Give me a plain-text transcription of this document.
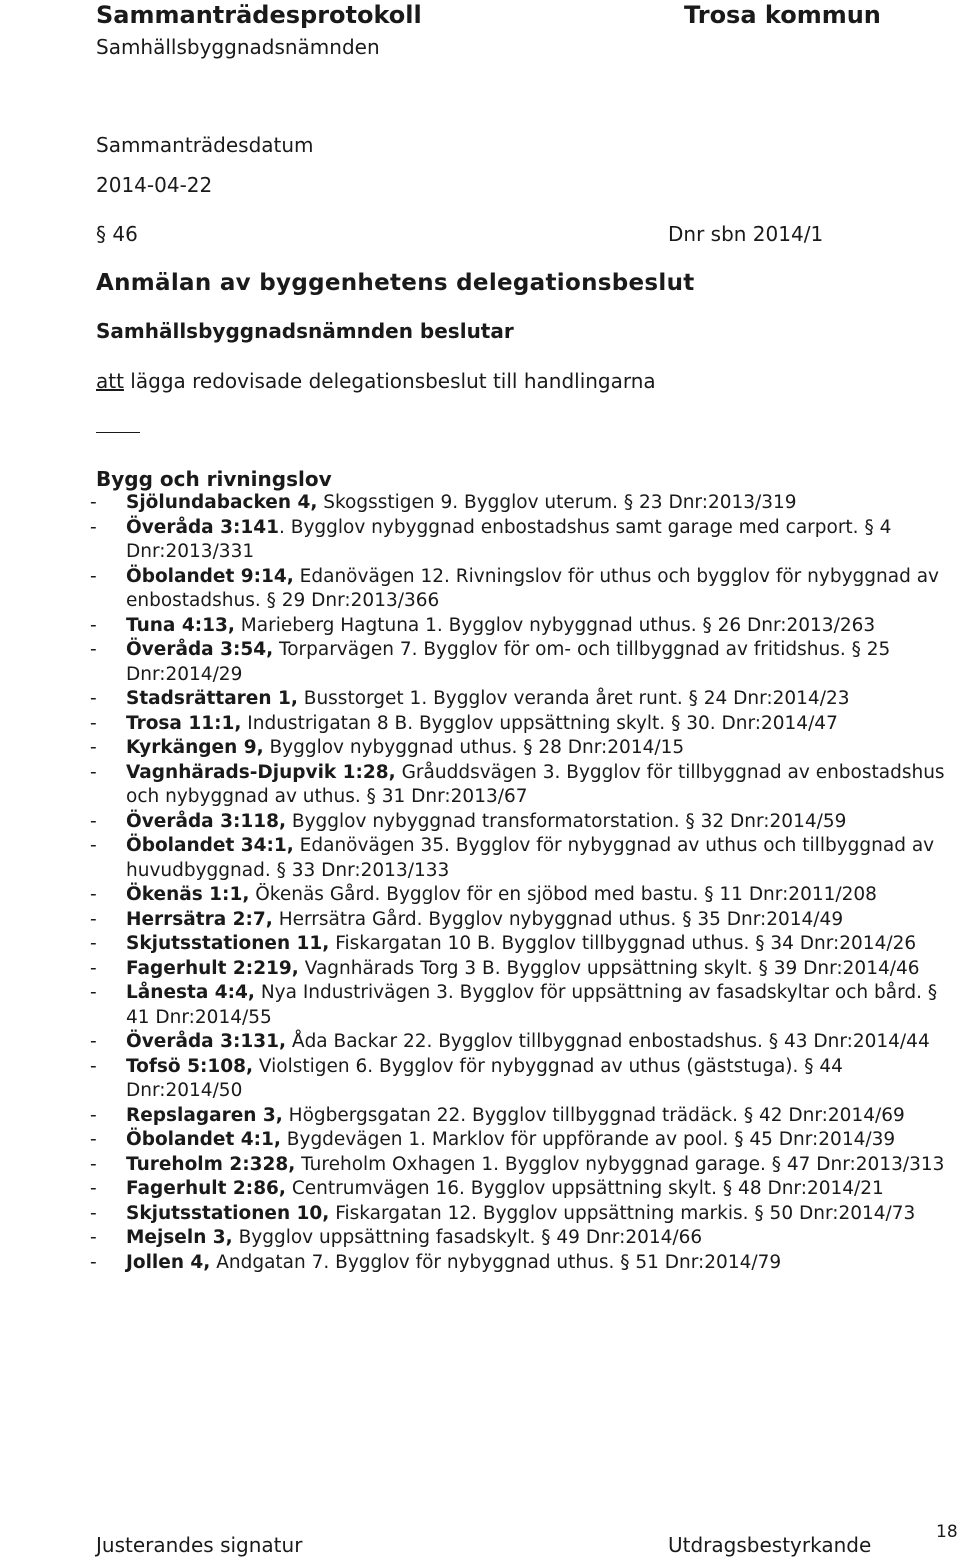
Sammanträdesprotokoll	Trosa kommun
Samhällsbyggnadsnämnden
Sammanträdesdatum
2014-04-22
§ 46	Dnr sbn 2014/1
Anmälan av byggenhetens delegationsbeslut
Samhällsbyggnadsnämnden beslutar
att lägga redovisade delegationsbeslut till handlingarna
Bygg och rivningslov
- Sjölundabacken 4, Skogsstigen 9. Bygglov uterum. § 23 Dnr:2013/319
- Överåda 3:141. Bygglov nybyggnad enbostadshus samt garage med carport. § 4 Dnr:2013/331
- Öbolandet 9:14, Edanövägen 12. Rivningslov för uthus och bygglov för nybyggnad av enbostadshus. § 29 Dnr:2013/366
- Tuna 4:13, Marieberg Hagtuna 1. Bygglov nybyggnad uthus. § 26 Dnr:2013/263
- Överåda 3:54, Torparvägen 7. Bygglov för om- och tillbyggnad av fritidshus. § 25 Dnr:2014/29
- Stadsrättaren 1, Busstorget 1. Bygglov veranda året runt. § 24 Dnr:2014/23
- Trosa 11:1, Industrigatan 8 B. Bygglov uppsättning skylt. § 30. Dnr:2014/47
- Kyrkängen 9, Bygglov nybyggnad uthus. § 28 Dnr:2014/15
- Vagnhärads-Djupvik 1:28, Gråuddsvägen 3. Bygglov för tillbyggnad av enbostadshus och nybyggnad av uthus. § 31 Dnr:2013/67
- Överåda 3:118, Bygglov nybyggnad transformatorstation. § 32 Dnr:2014/59
- Öbolandet 34:1, Edanövägen 35. Bygglov för nybyggnad av uthus och tillbyggnad av huvudbyggnad. § 33 Dnr:2013/133
- Ökenäs 1:1, Ökenäs Gård. Bygglov för en sjöbod med bastu. § 11 Dnr:2011/208
- Herrsätra 2:7, Herrsätra Gård. Bygglov nybyggnad uthus. § 35 Dnr:2014/49
- Skjutsstationen 11, Fiskargatan 10 B. Bygglov tillbyggnad uthus. § 34 Dnr:2014/26
- Fagerhult 2:219, Vagnhärads Torg 3 B. Bygglov uppsättning skylt. § 39 Dnr:2014/46
- Lånesta 4:4, Nya Industrivägen 3. Bygglov för uppsättning av fasadskyltar och bård. § 41 Dnr:2014/55
- Överåda 3:131, Åda Backar 22. Bygglov tillbyggnad enbostadshus. § 43 Dnr:2014/44
- Tofsö 5:108, Violstigen 6. Bygglov för nybyggnad av uthus (gäststuga). § 44 Dnr:2014/50
- Repslagaren 3, Högbergsgatan 22. Bygglov tillbyggnad trädäck. § 42 Dnr:2014/69
- Öbolandet 4:1, Bygdevägen 1. Marklov för uppförande av pool. § 45 Dnr:2014/39
- Tureholm 2:328, Tureholm Oxhagen 1. Bygglov nybyggnad garage. § 47 Dnr:2013/313
- Fagerhult 2:86, Centrumvägen 16. Bygglov uppsättning skylt. § 48 Dnr:2014/21
- Skjutsstationen 10, Fiskargatan 12. Bygglov uppsättning markis. § 50 Dnr:2014/73
- Mejseln 3, Bygglov uppsättning fasadskylt. § 49 Dnr:2014/66
- Jollen 4, Andgatan 7. Bygglov för nybyggnad uthus. § 51 Dnr:2014/79
Justerandes signatur	Utdragsbestyrkande
18
